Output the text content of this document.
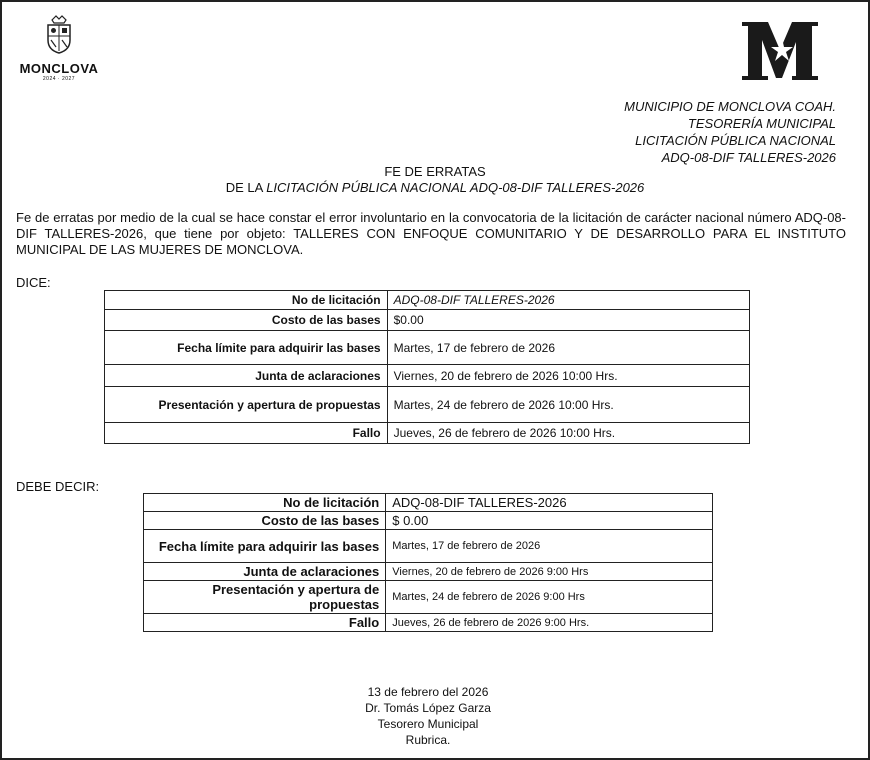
MONCLOVA
2024 · 2027
MUNICIPIO DE MONCLOVA COAH.
TESORERÍA MUNICIPAL
LICITACIÓN PÚBLICA NACIONAL
ADQ-08-DIF TALLERES-2026
FE DE ERRATAS
DE LA LICITACIÓN PÚBLICA NACIONAL ADQ-08-DIF TALLERES-2026
Fe de erratas por medio de la cual se hace constar el error involuntario en la convocatoria de la licitación de carácter nacional número ADQ-08-DIF TALLERES-2026, que tiene por objeto: TALLERES CON ENFOQUE COMUNITARIO Y DE DESARROLLO PARA EL INSTITUTO MUNICIPAL DE LAS MUJERES DE MONCLOVA.
DICE:
No de licitación	ADQ-08-DIF TALLERES-2026
Costo de las bases	$0.00
Fecha límite para adquirir las bases	Martes, 17 de febrero de 2026
Junta de aclaraciones	Viernes, 20 de febrero de 2026 10:00 Hrs.
Presentación y apertura de propuestas	Martes, 24 de febrero de 2026 10:00 Hrs.
Fallo	Jueves, 26 de febrero de 2026 10:00 Hrs.
DEBE DECIR:
No de licitación	ADQ-08-DIF TALLERES-2026
Costo de las bases	$ 0.00
Fecha límite para adquirir las bases	Martes, 17 de febrero de 2026
Junta de aclaraciones	Viernes, 20 de febrero de 2026 9:00 Hrs
Presentación y apertura de propuestas	Martes, 24 de febrero de 2026 9:00 Hrs
Fallo	Jueves, 26 de febrero de 2026 9:00 Hrs.
13 de febrero del 2026
Dr. Tomás López Garza
Tesorero Municipal
Rubrica.
